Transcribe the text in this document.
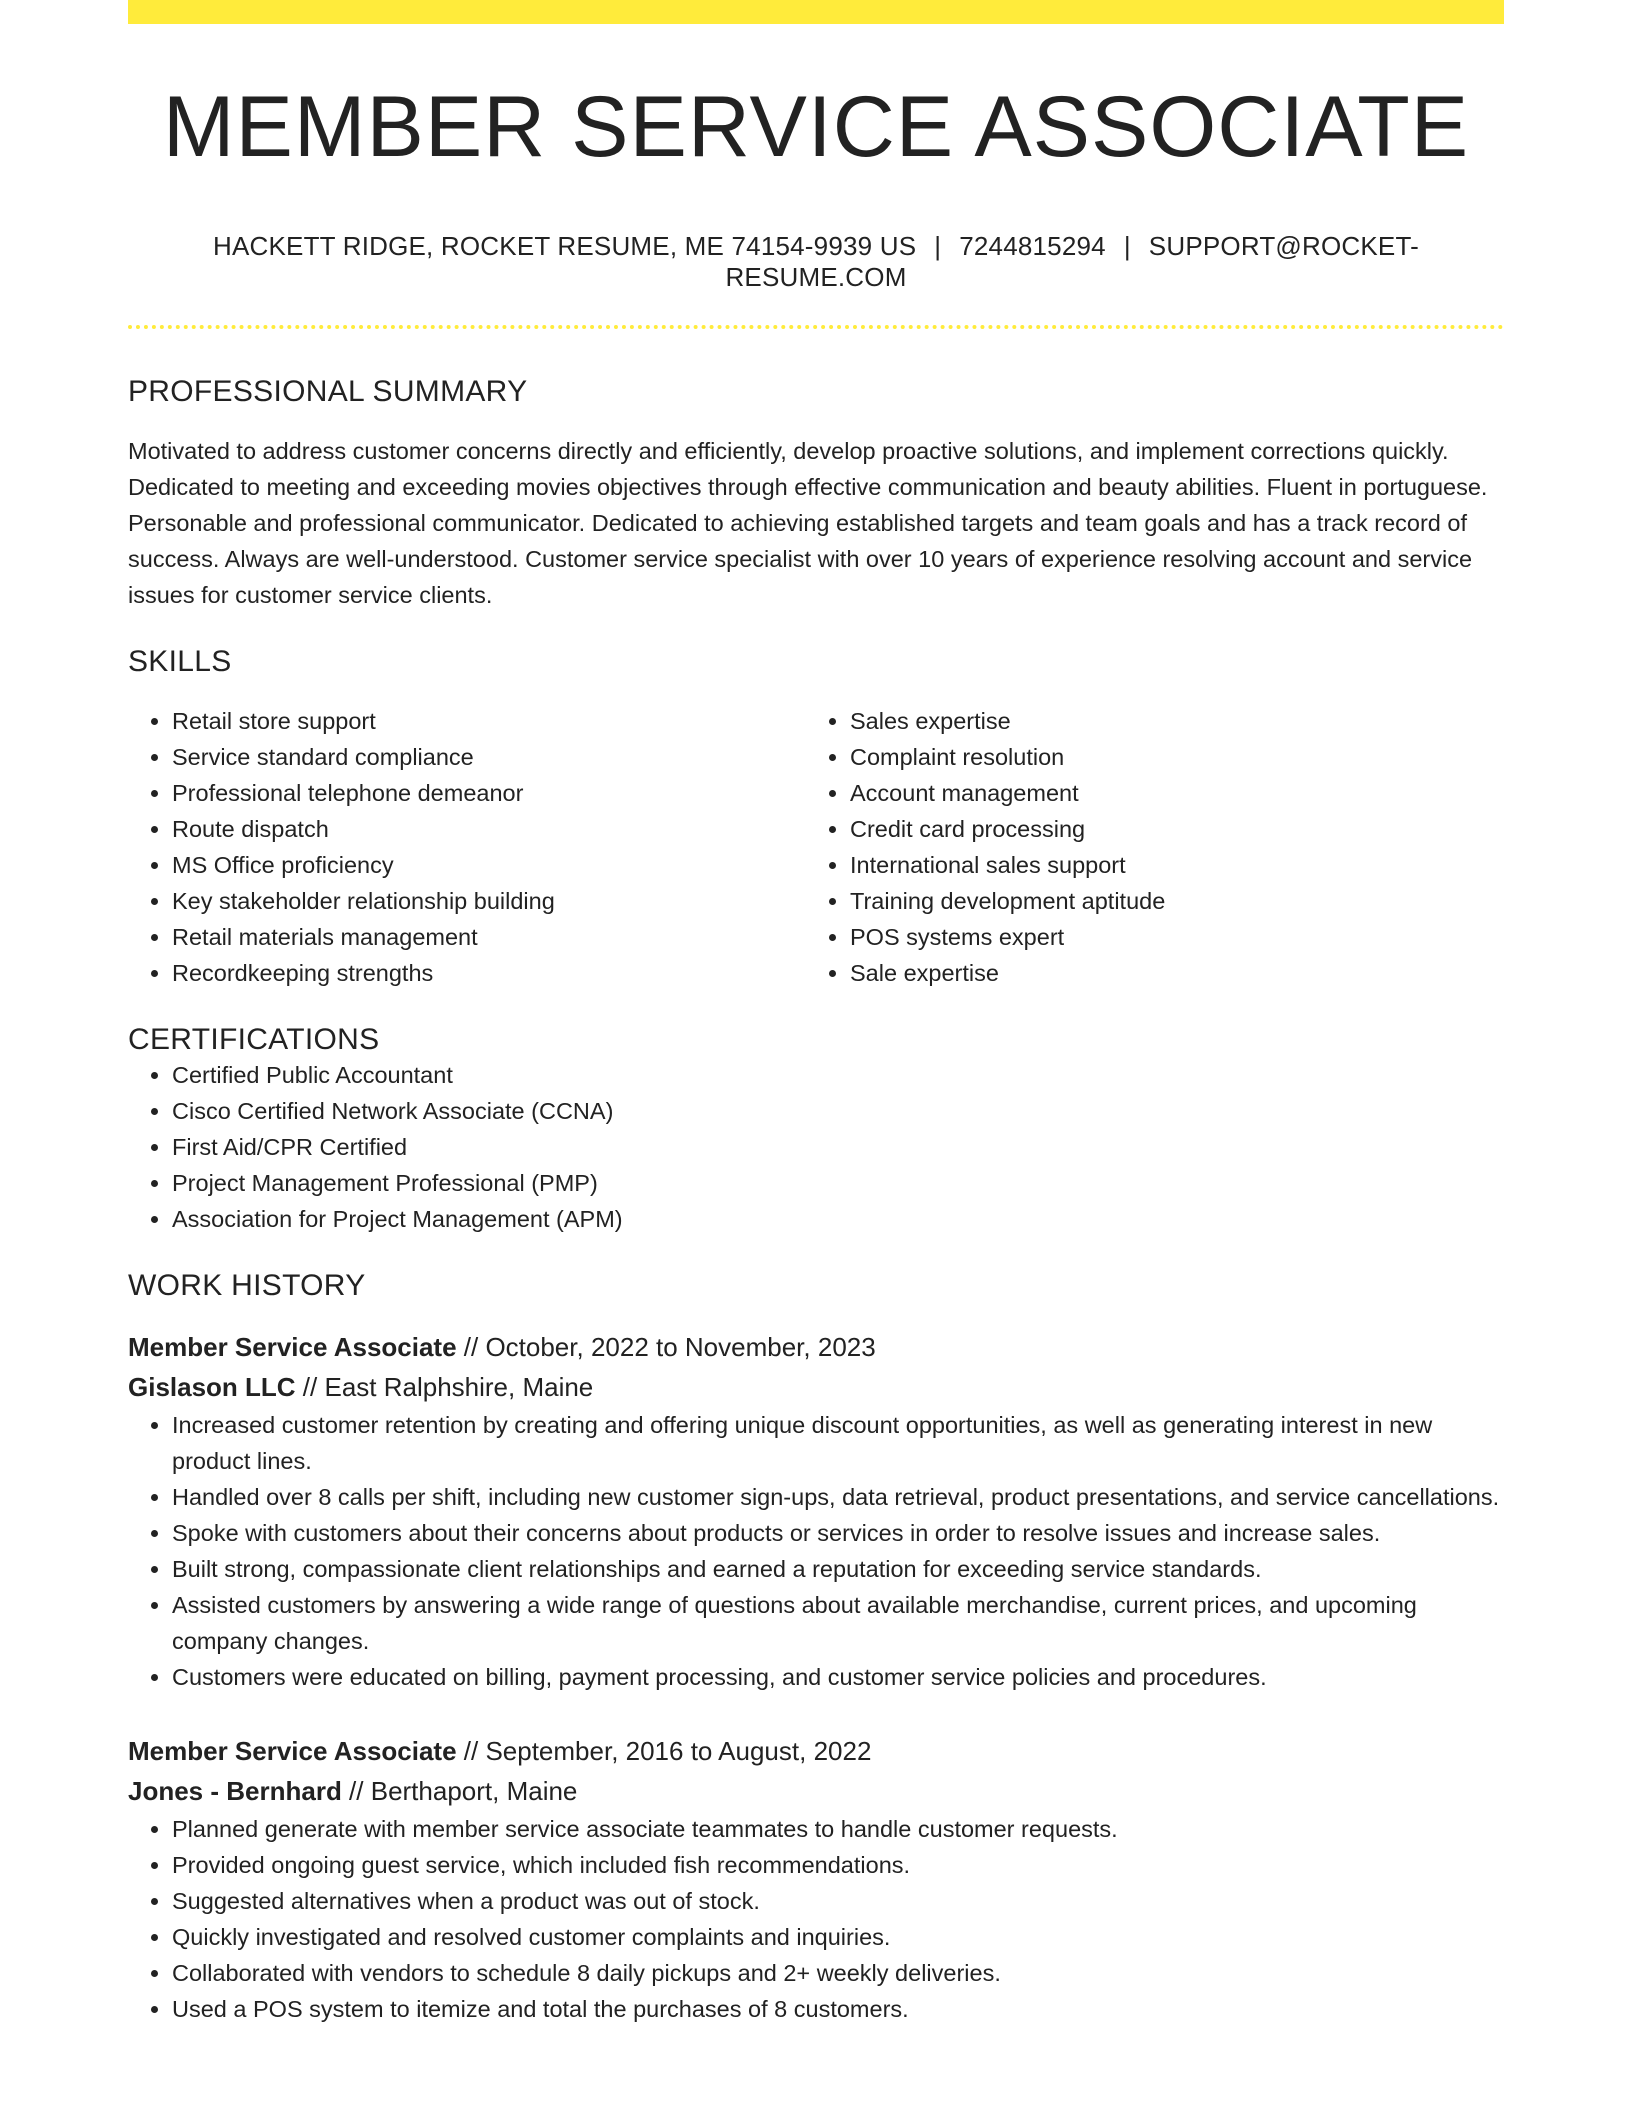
MEMBER SERVICE ASSOCIATE
HACKETT RIDGE, ROCKET RESUME, ME 74154-9939 US | 7244815294 | SUPPORT@ROCKET-RESUME.COM
PROFESSIONAL SUMMARY

Motivated to address customer concerns directly and efficiently, develop proactive solutions, and implement corrections quickly. Dedicated to meeting and exceeding movies objectives through effective communication and beauty abilities. Fluent in portuguese. Personable and professional communicator. Dedicated to achieving established targets and team goals and has a track record of success. Always are well-understood. Customer service specialist with over 10 years of experience resolving account and service issues for customer service clients.

SKILLS
• Retail store support
• Service standard compliance
• Professional telephone demeanor
• Route dispatch
• MS Office proficiency
• Key stakeholder relationship building
• Retail materials management
• Recordkeeping strengths
• Sales expertise
• Complaint resolution
• Account management
• Credit card processing
• International sales support
• Training development aptitude
• POS systems expert
• Sale expertise
CERTIFICATIONS
• Certified Public Accountant
• Cisco Certified Network Associate (CCNA)
• First Aid/CPR Certified
• Project Management Professional (PMP)
• Association for Project Management (APM)
WORK HISTORY
Member Service Associate // October, 2022 to November, 2023
Gislason LLC // East Ralphshire, Maine
• Increased customer retention by creating and offering unique discount opportunities, as well as generating interest in new product lines.
• Handled over 8 calls per shift, including new customer sign-ups, data retrieval, product presentations, and service cancellations.
• Spoke with customers about their concerns about products or services in order to resolve issues and increase sales.
• Built strong, compassionate client relationships and earned a reputation for exceeding service standards.
• Assisted customers by answering a wide range of questions about available merchandise, current prices, and upcoming company changes.
• Customers were educated on billing, payment processing, and customer service policies and procedures.
Member Service Associate // September, 2016 to August, 2022
Jones - Bernhard // Berthaport, Maine
• Planned generate with member service associate teammates to handle customer requests.
• Provided ongoing guest service, which included fish recommendations.
• Suggested alternatives when a product was out of stock.
• Quickly investigated and resolved customer complaints and inquiries.
• Collaborated with vendors to schedule 8 daily pickups and 2+ weekly deliveries.
• Used a POS system to itemize and total the purchases of 8 customers.
